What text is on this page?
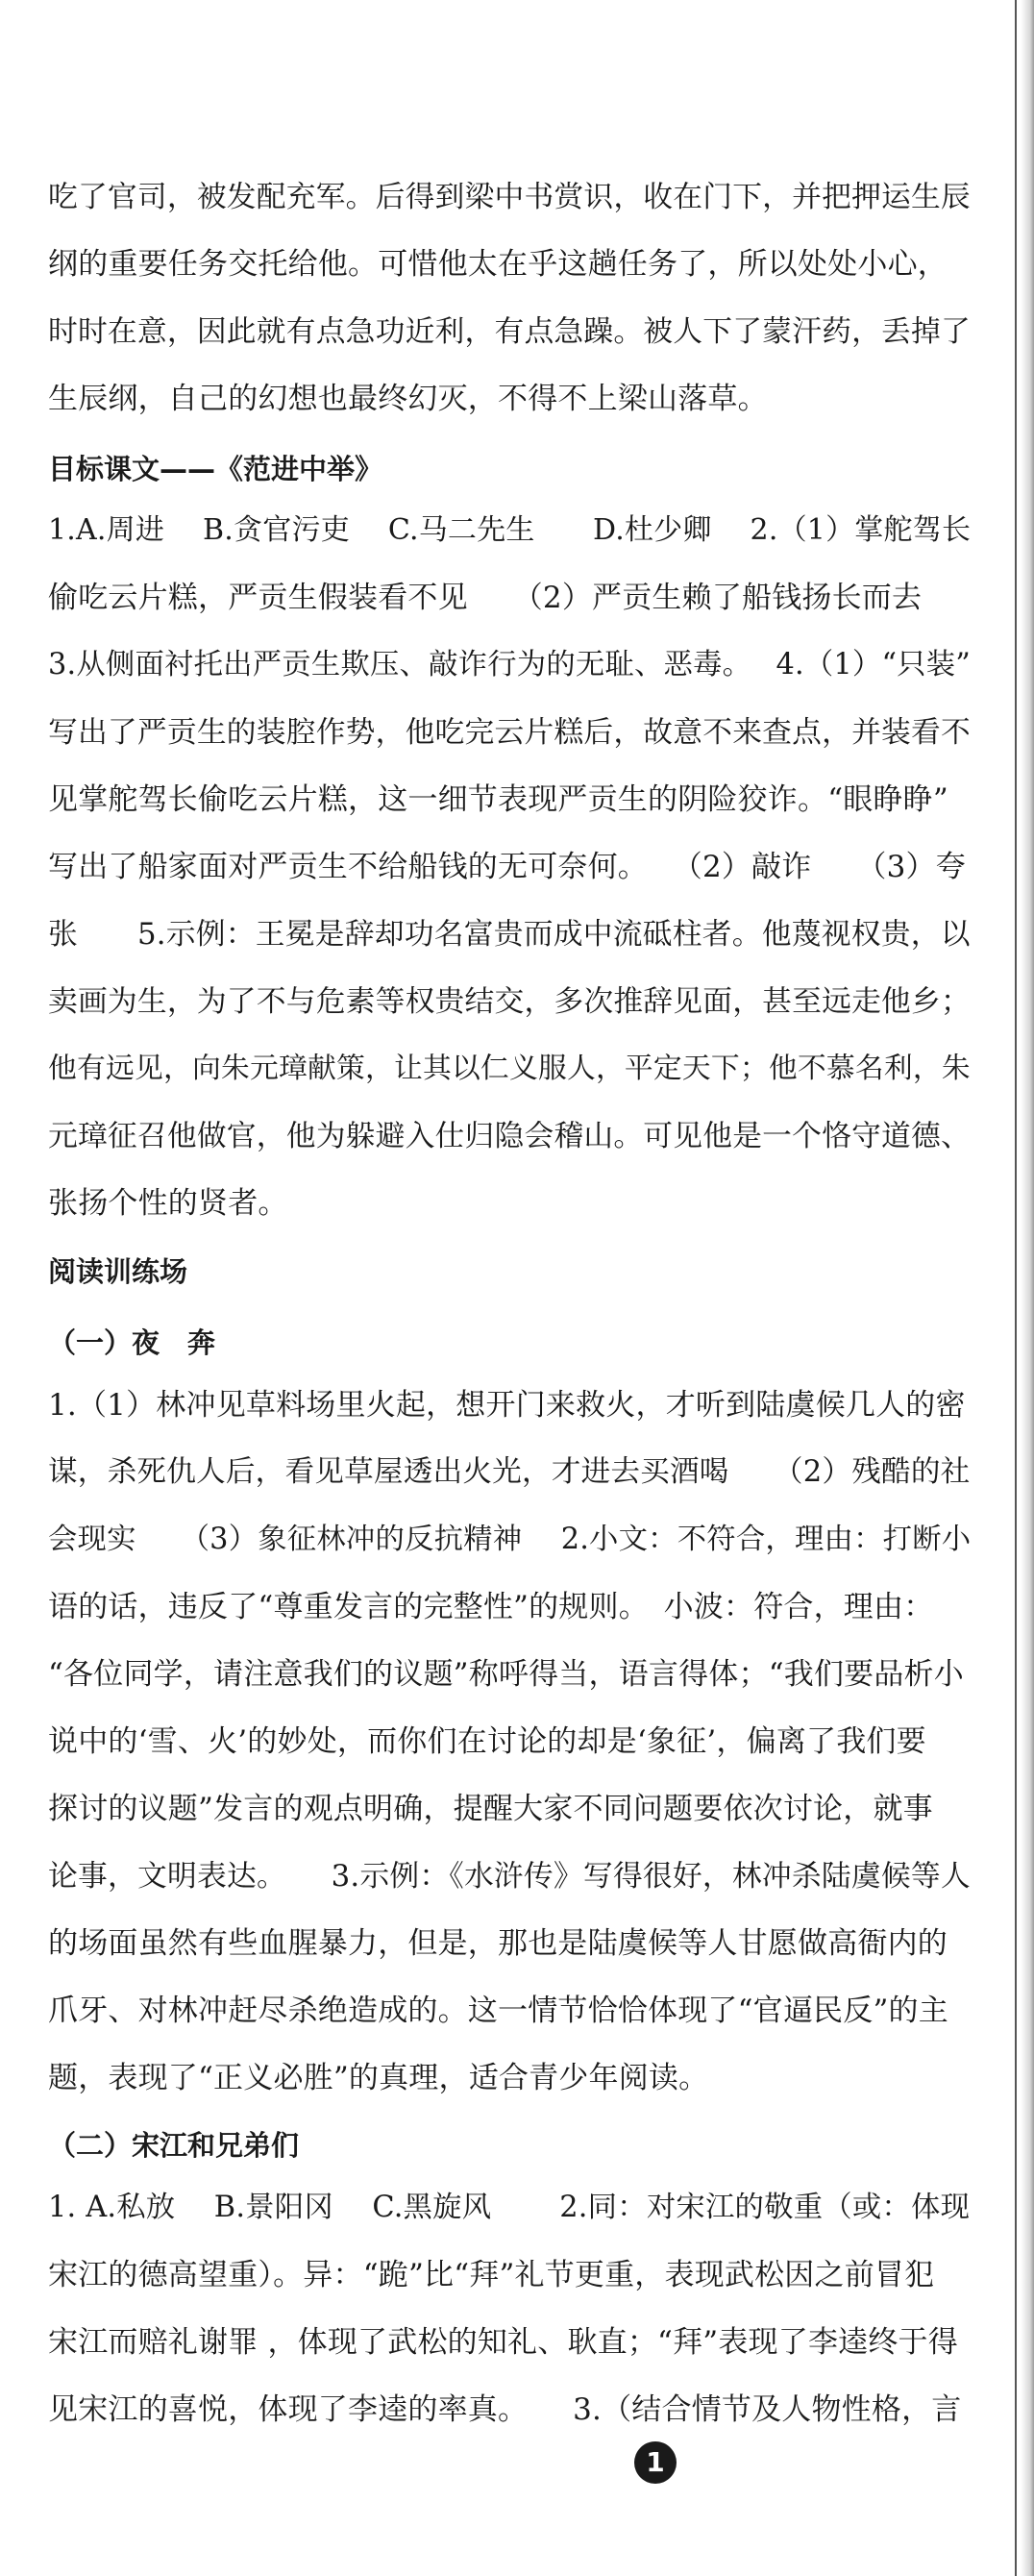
吃了官司，被发配充军。后得到梁中书赏识，收在门下，并把押运生辰
纲的重要任务交托给他。可惜他太在乎这趟任务了，所以处处小心，
时时在意，因此就有点急功近利，有点急躁。被人下了蒙汗药，丢掉了
生辰纲，自己的幻想也最终幻灭，不得不上梁山落草。
目标课文——《范进中举》
1.A.周进　 B.贪官污吏　 C.马二先生　　D.杜少卿　 2.（1）掌舵驾长
偷吃云片糕，严贡生假装看不见　　（2）严贡生赖了船钱扬长而去
3.从侧面衬托出严贡生欺压、敲诈行为的无耻、恶毒。　 4.（1）“只装”
写出了严贡生的装腔作势，他吃完云片糕后，故意不来查点，并装看不
见掌舵驾长偷吃云片糕，这一细节表现严贡生的阴险狡诈。“眼睁睁”
写出了船家面对严贡生不给船钱的无可奈何。　 （2）敲诈　　（3）夸
张　　5.示例：王冕是辞却功名富贵而成中流砥柱者。他蔑视权贵，以
卖画为生，为了不与危素等权贵结交，多次推辞见面，甚至远走他乡；
他有远见，向朱元璋献策，让其以仁义服人，平定天下；他不慕名利，朱
元璋征召他做官，他为躲避入仕归隐会稽山。可见他是一个恪守道德、
张扬个性的贤者。
阅读训练场
（一）夜　奔
1.（1）林冲见草料场里火起，想开门来救火，才听到陆虞候几人的密
谋，杀死仇人后，看见草屋透出火光，才进去买酒喝　　（2）残酷的社
会现实　　（3）象征林冲的反抗精神　 2.小文：不符合，理由：打断小
语的话，违反了“尊重发言的完整性”的规则。　小波：符合，理由：
“各位同学，请注意我们的议题”称呼得当，语言得体；“我们要品析小
说中的‘雪、火’的妙处，而你们在讨论的却是‘象征’，偏离了我们要
探讨的议题”发言的观点明确，提醒大家不同问题要依次讨论，就事
论事，文明表达。　　3.示例：《水浒传》写得很好，林冲杀陆虞候等人
的场面虽然有些血腥暴力，但是，那也是陆虞候等人甘愿做高衙内的
爪牙、对林冲赶尽杀绝造成的。这一情节恰恰体现了“官逼民反”的主
题，表现了“正义必胜”的真理，适合青少年阅读。
（二）宋江和兄弟们
1. A.私放　 B.景阳冈　 C.黑旋风　　 2.同：对宋江的敬重（或：体现
宋江的德高望重）。异：“跪”比“拜”礼节更重，表现武松因之前冒犯
宋江而赔礼谢罪 ，体现了武松的知礼、耿直；“拜”表现了李逵终于得
见宋江的喜悦，体现了李逵的率真。　　3.（结合情节及人物性格，言
1
